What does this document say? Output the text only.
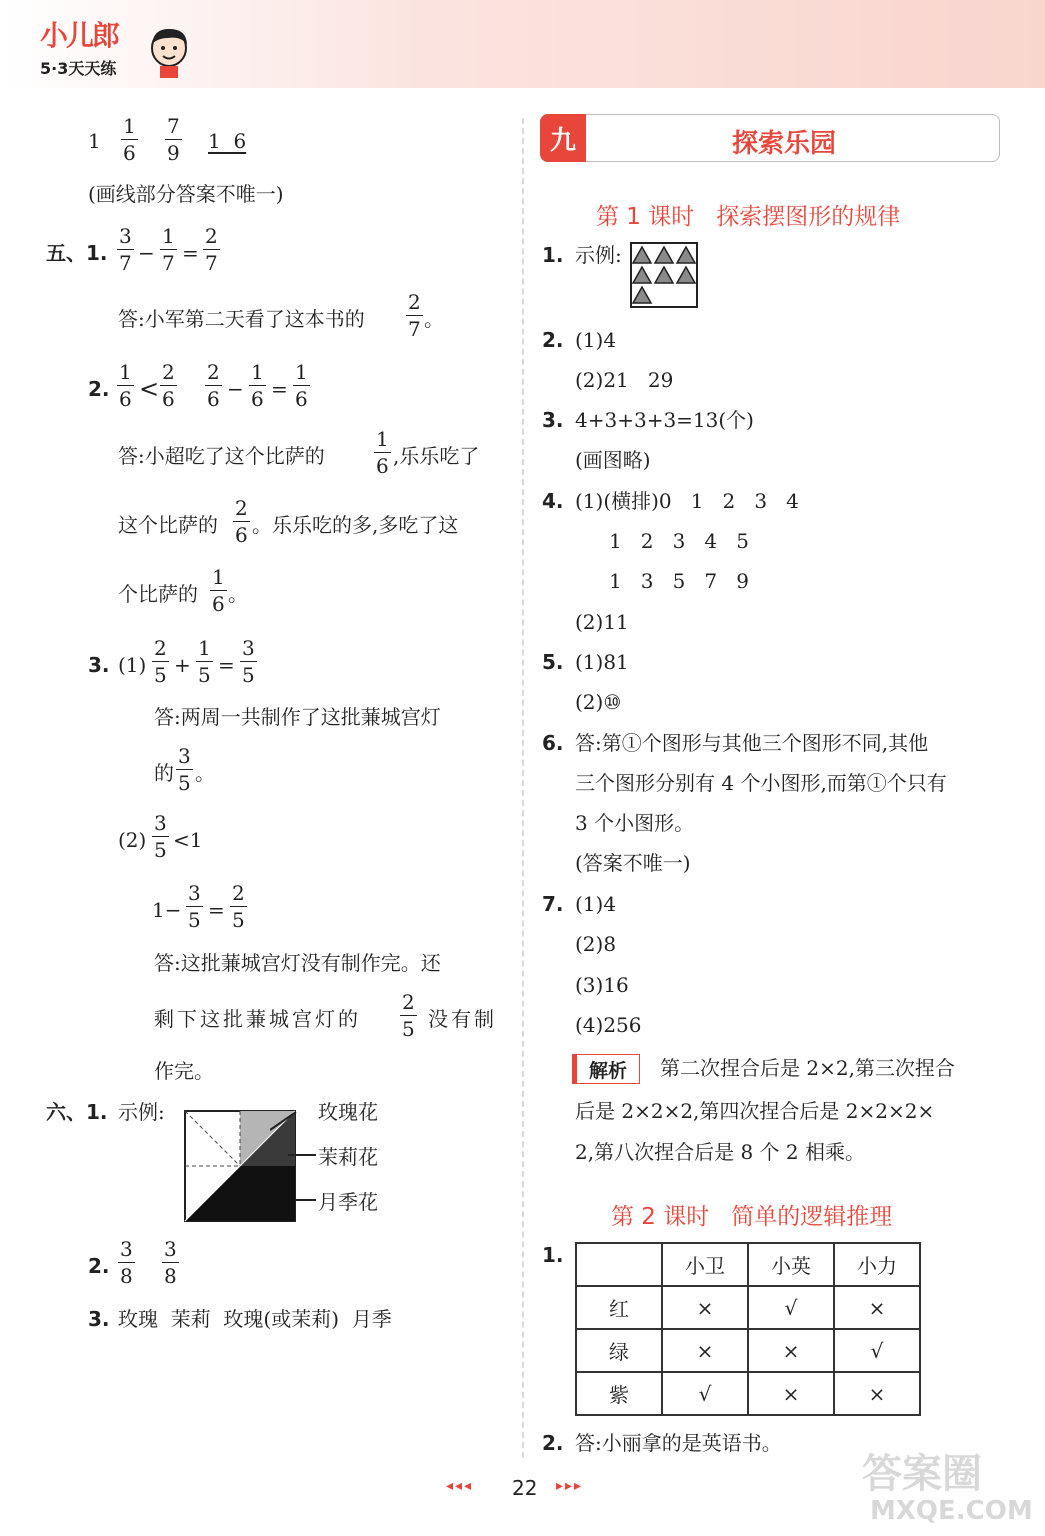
小儿郎
5·3天天练
$1 \frac{1}{6} \frac{7}{9} 1$  6
(画线部分答案不唯一)
五、1. $\frac{3}{7} - \frac{1}{7} = \frac{2}{7}$
答:小军第二天看了这本书的 $\frac{2}{7}$ 。
2. $\frac{1}{6} < \frac{2}{6} \frac{2}{6} - \frac{1}{6} = \frac{1}{6}$
答:小超吃了这个比萨的 $\frac{1}{6}$ ,乐乐吃了
这个比萨的 $\frac{2}{6}$ 。乐乐吃的多,多吃了这
个比萨的 $\frac{1}{6}$ 。
3. $(1) \frac{2}{5} + \frac{1}{5} = \frac{3}{5}$
答:两周一共制作了这批蒹城宫灯
的 $\frac{3}{5}$ 。
$(2) \frac{3}{5} <1$
$1- \frac{3}{5} = \frac{2}{5}$
答:这批蒹城宫灯没有制作完。还
剩下这批蒹城宫灯的 $\frac{2}{5}$ 没有制
作完。
六、1. 示例:	玫瑰花
茉莉花
月季花
2. $\frac{3}{8} \frac{3}{8}$
3. 玫瑰  茉莉  玫瑰(或茉莉)  月季
九	探索乐园
第 1 课时   探索摆图形的规律
1. 示例:
2. (1)4
(2)21   29
3. 4+3+3+3=13(个)
(画图略)
4. (1)(横排)0   1   2   3   4
1   2   3   4   5
1   3   5   7   9
(2)11
5. (1)81
(2)⑩
6. 答:第①个图形与其他三个图形不同,其他
三个图形分别有 4 个小图形,而第①个只有
3 个小图形。
(答案不唯一)
7. (1)4
(2)8
(3)16
(4)256
解析	第二次捏合后是 2×2,第三次捏合
后是 2×2×2,第四次捏合后是 2×2×2×
2,第八次捏合后是 8 个 2 相乘。
第 2 课时   简单的逻辑推理
1.
		小卫	小英	小力
红	×	√	×
绿	×	×	√
紫	√	×	×
2. 答:小丽拿的是英语书。
◂◂◂ 22 ▸▸▸	答案圈
MXQE.COM
